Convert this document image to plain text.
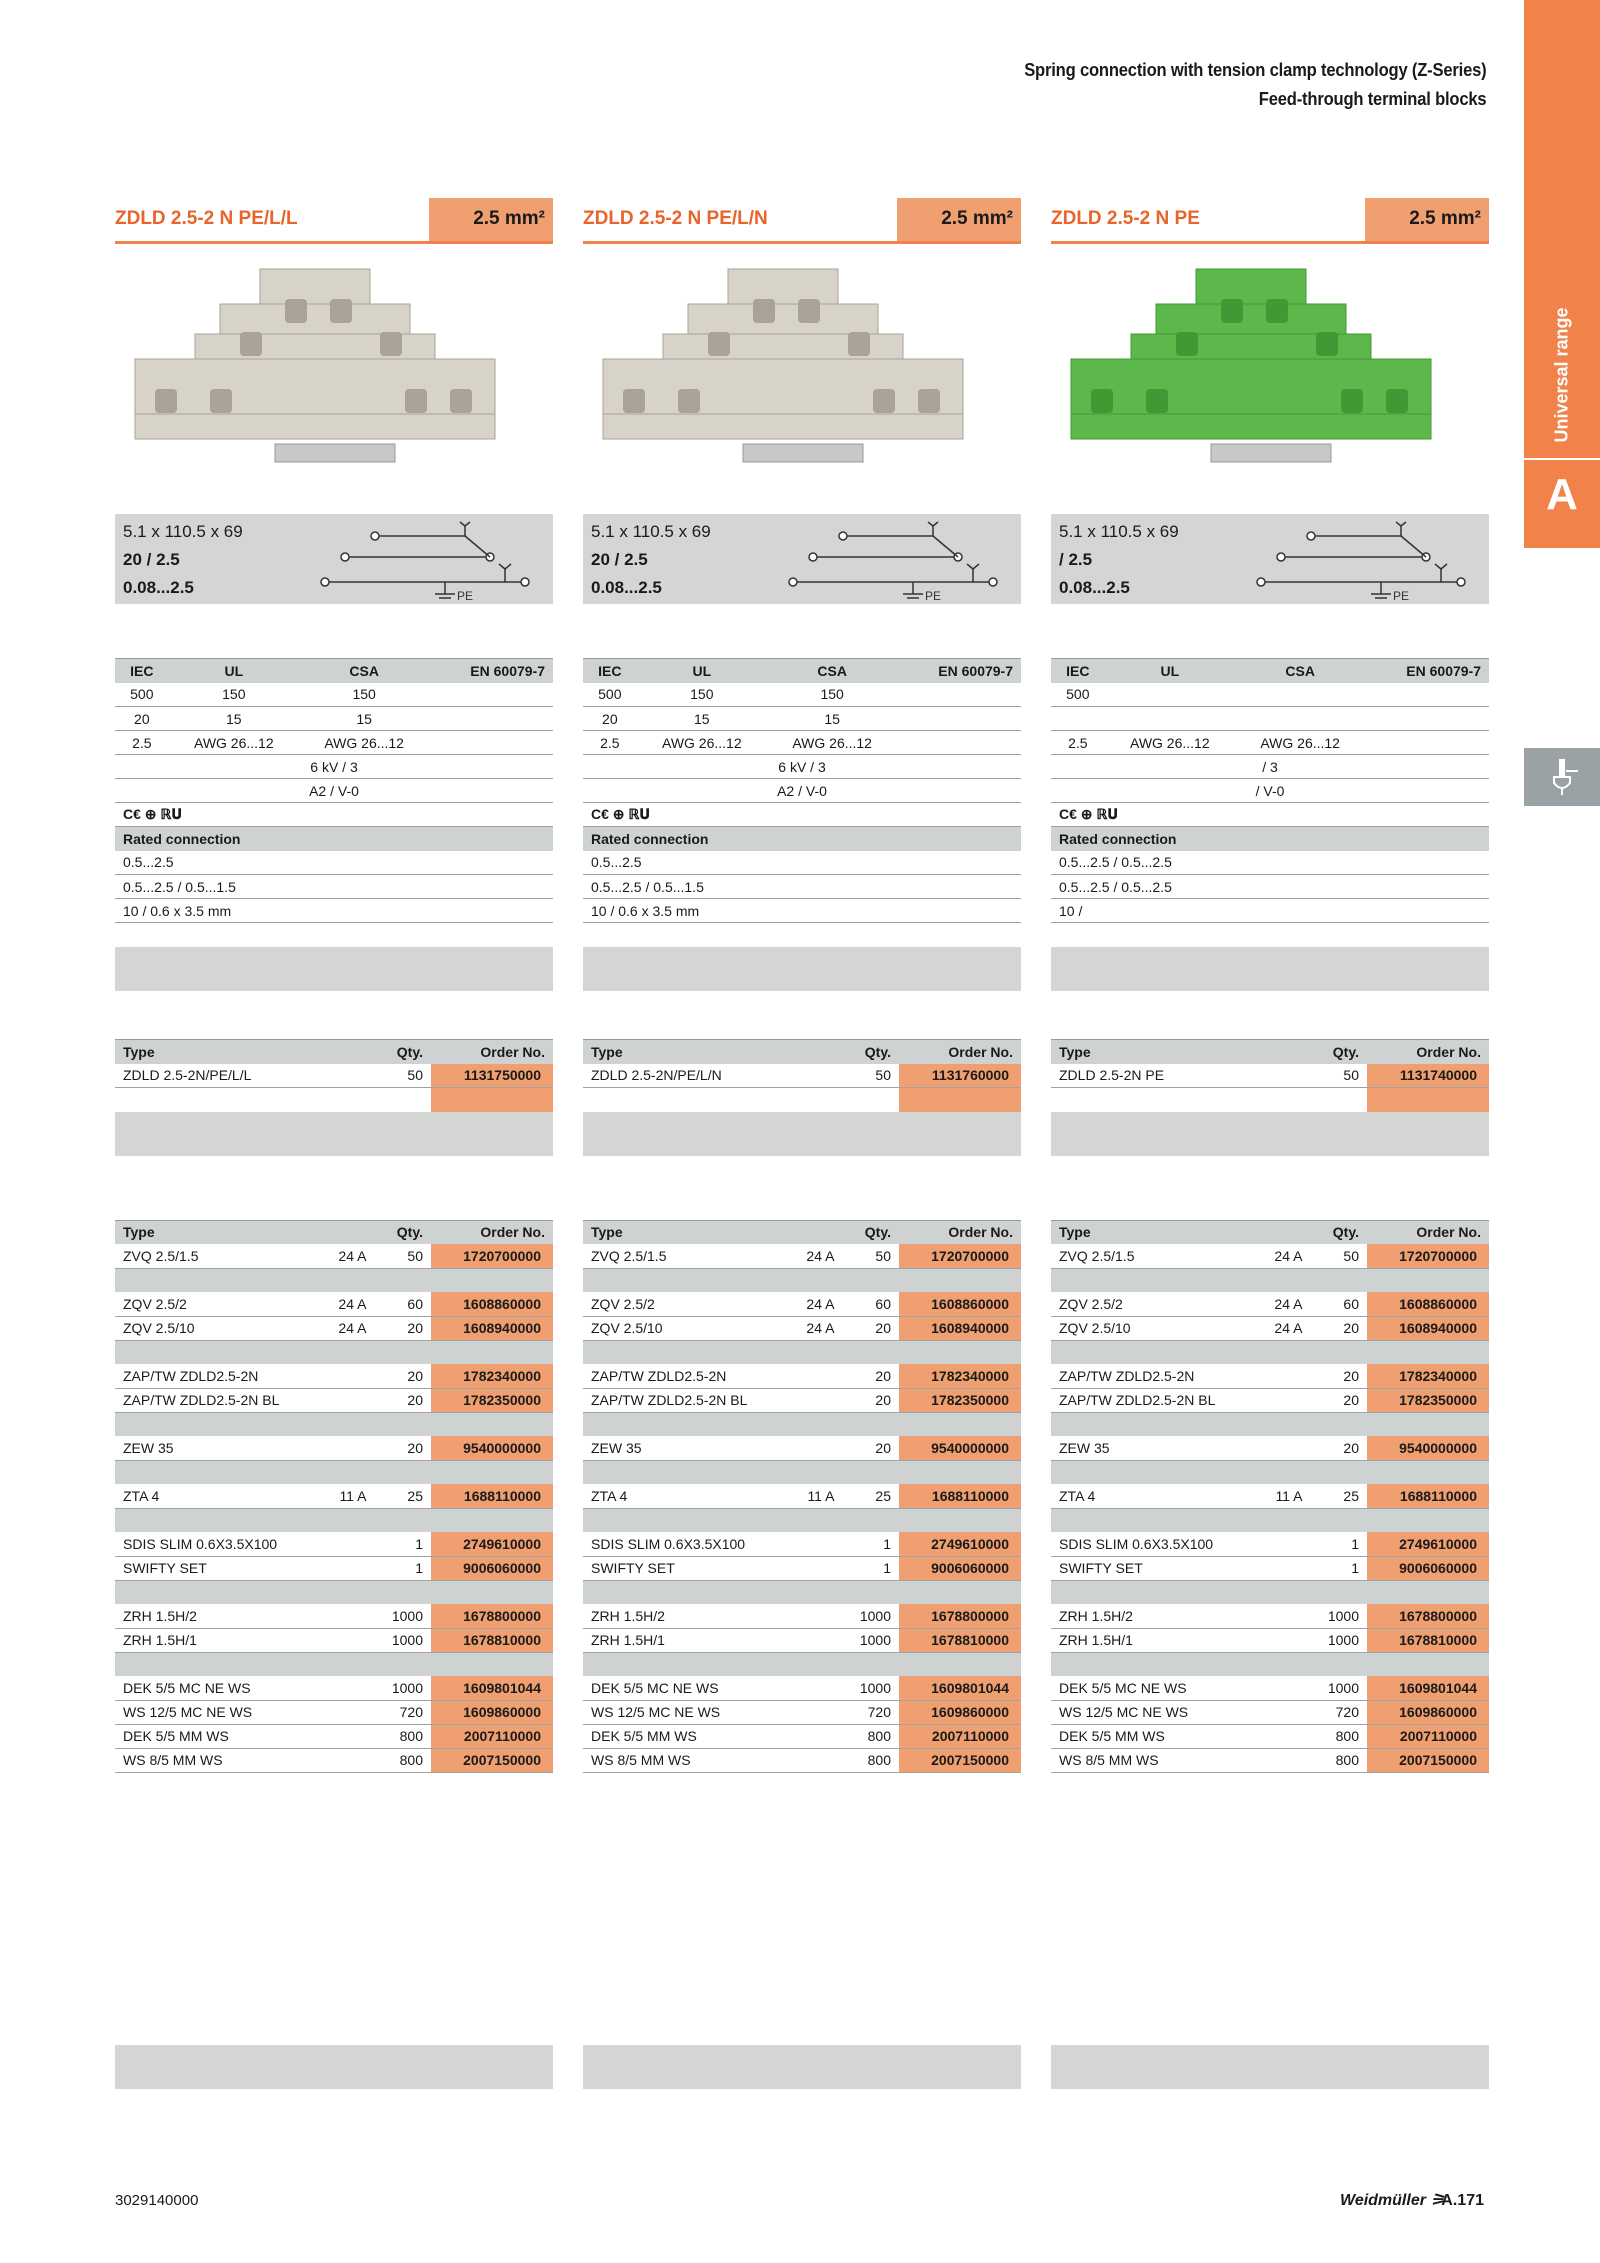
Spring connection with tension clamp technology (Z-Series)
Feed-through terminal blocks
Universal range
A
ZDLD 2.5-2 N PE/L/L	2.5 mm²
5.1 x 110.5 x 69
20 / 2.5
0.08...2.5	PE
IEC	UL	CSA	EN 60079-7
500	150	150	
20	15	15	
2.5	AWG 26...12	AWG 26...12	
6 kV / 3			
A2 / V-0			
C€ ⊕ ℝ𝐔			
Rated connection			
0.5...2.5			
0.5...2.5 / 0.5...1.5			
10 / 0.6 x 3.5 mm			
Type	Qty.	Order No.
ZDLD 2.5-2N/PE/L/L	50	1131750000

Type		Qty.	Order No.
ZVQ 2.5/1.5	24 A	50	1720700000

ZQV 2.5/2	24 A	60	1608860000
ZQV 2.5/10	24 A	20	1608940000

ZAP/TW ZDLD2.5-2N		20	1782340000
ZAP/TW ZDLD2.5-2N BL		20	1782350000

ZEW 35		20	9540000000

ZTA 4	11 A	25	1688110000

SDIS SLIM 0.6X3.5X100		1	2749610000
SWIFTY SET		1	9006060000

ZRH 1.5H/2		1000	1678800000
ZRH 1.5H/1		1000	1678810000

DEK 5/5 MC NE WS		1000	1609801044
WS 12/5 MC NE WS		720	1609860000
DEK 5/5 MM WS		800	2007110000
WS 8/5 MM WS		800	2007150000
ZDLD 2.5-2 N PE/L/N	2.5 mm²
5.1 x 110.5 x 69
20 / 2.5
0.08...2.5	PE
IEC	UL	CSA	EN 60079-7
500	150	150	
20	15	15	
2.5	AWG 26...12	AWG 26...12	
6 kV / 3			
A2 / V-0			
C€ ⊕ ℝ𝐔			
Rated connection			
0.5...2.5			
0.5...2.5 / 0.5...1.5			
10 / 0.6 x 3.5 mm			
Type	Qty.	Order No.
ZDLD 2.5-2N/PE/L/N	50	1131760000

Type		Qty.	Order No.
ZVQ 2.5/1.5	24 A	50	1720700000

ZQV 2.5/2	24 A	60	1608860000
ZQV 2.5/10	24 A	20	1608940000

ZAP/TW ZDLD2.5-2N		20	1782340000
ZAP/TW ZDLD2.5-2N BL		20	1782350000

ZEW 35		20	9540000000

ZTA 4	11 A	25	1688110000

SDIS SLIM 0.6X3.5X100		1	2749610000
SWIFTY SET		1	9006060000

ZRH 1.5H/2		1000	1678800000
ZRH 1.5H/1		1000	1678810000

DEK 5/5 MC NE WS		1000	1609801044
WS 12/5 MC NE WS		720	1609860000
DEK 5/5 MM WS		800	2007110000
WS 8/5 MM WS		800	2007150000
ZDLD 2.5-2 N PE	2.5 mm²
5.1 x 110.5 x 69
/ 2.5
0.08...2.5	PE
IEC	UL	CSA	EN 60079-7
500			

2.5	AWG 26...12	AWG 26...12	
/ 3			
/ V-0			
C€ ⊕ ℝ𝐔			
Rated connection			
0.5...2.5 / 0.5...2.5			
0.5...2.5 / 0.5...2.5			
10 /			
Type	Qty.	Order No.
ZDLD 2.5-2N PE	50	1131740000

Type		Qty.	Order No.
ZVQ 2.5/1.5	24 A	50	1720700000

ZQV 2.5/2	24 A	60	1608860000
ZQV 2.5/10	24 A	20	1608940000

ZAP/TW ZDLD2.5-2N		20	1782340000
ZAP/TW ZDLD2.5-2N BL		20	1782350000

ZEW 35		20	9540000000

ZTA 4	11 A	25	1688110000

SDIS SLIM 0.6X3.5X100		1	2749610000
SWIFTY SET		1	9006060000

ZRH 1.5H/2		1000	1678800000
ZRH 1.5H/1		1000	1678810000

DEK 5/5 MC NE WS		1000	1609801044
WS 12/5 MC NE WS		720	1609860000
DEK 5/5 MM WS		800	2007110000
WS 8/5 MM WS		800	2007150000
3029140000	Weidmüller ⚞
A.171
